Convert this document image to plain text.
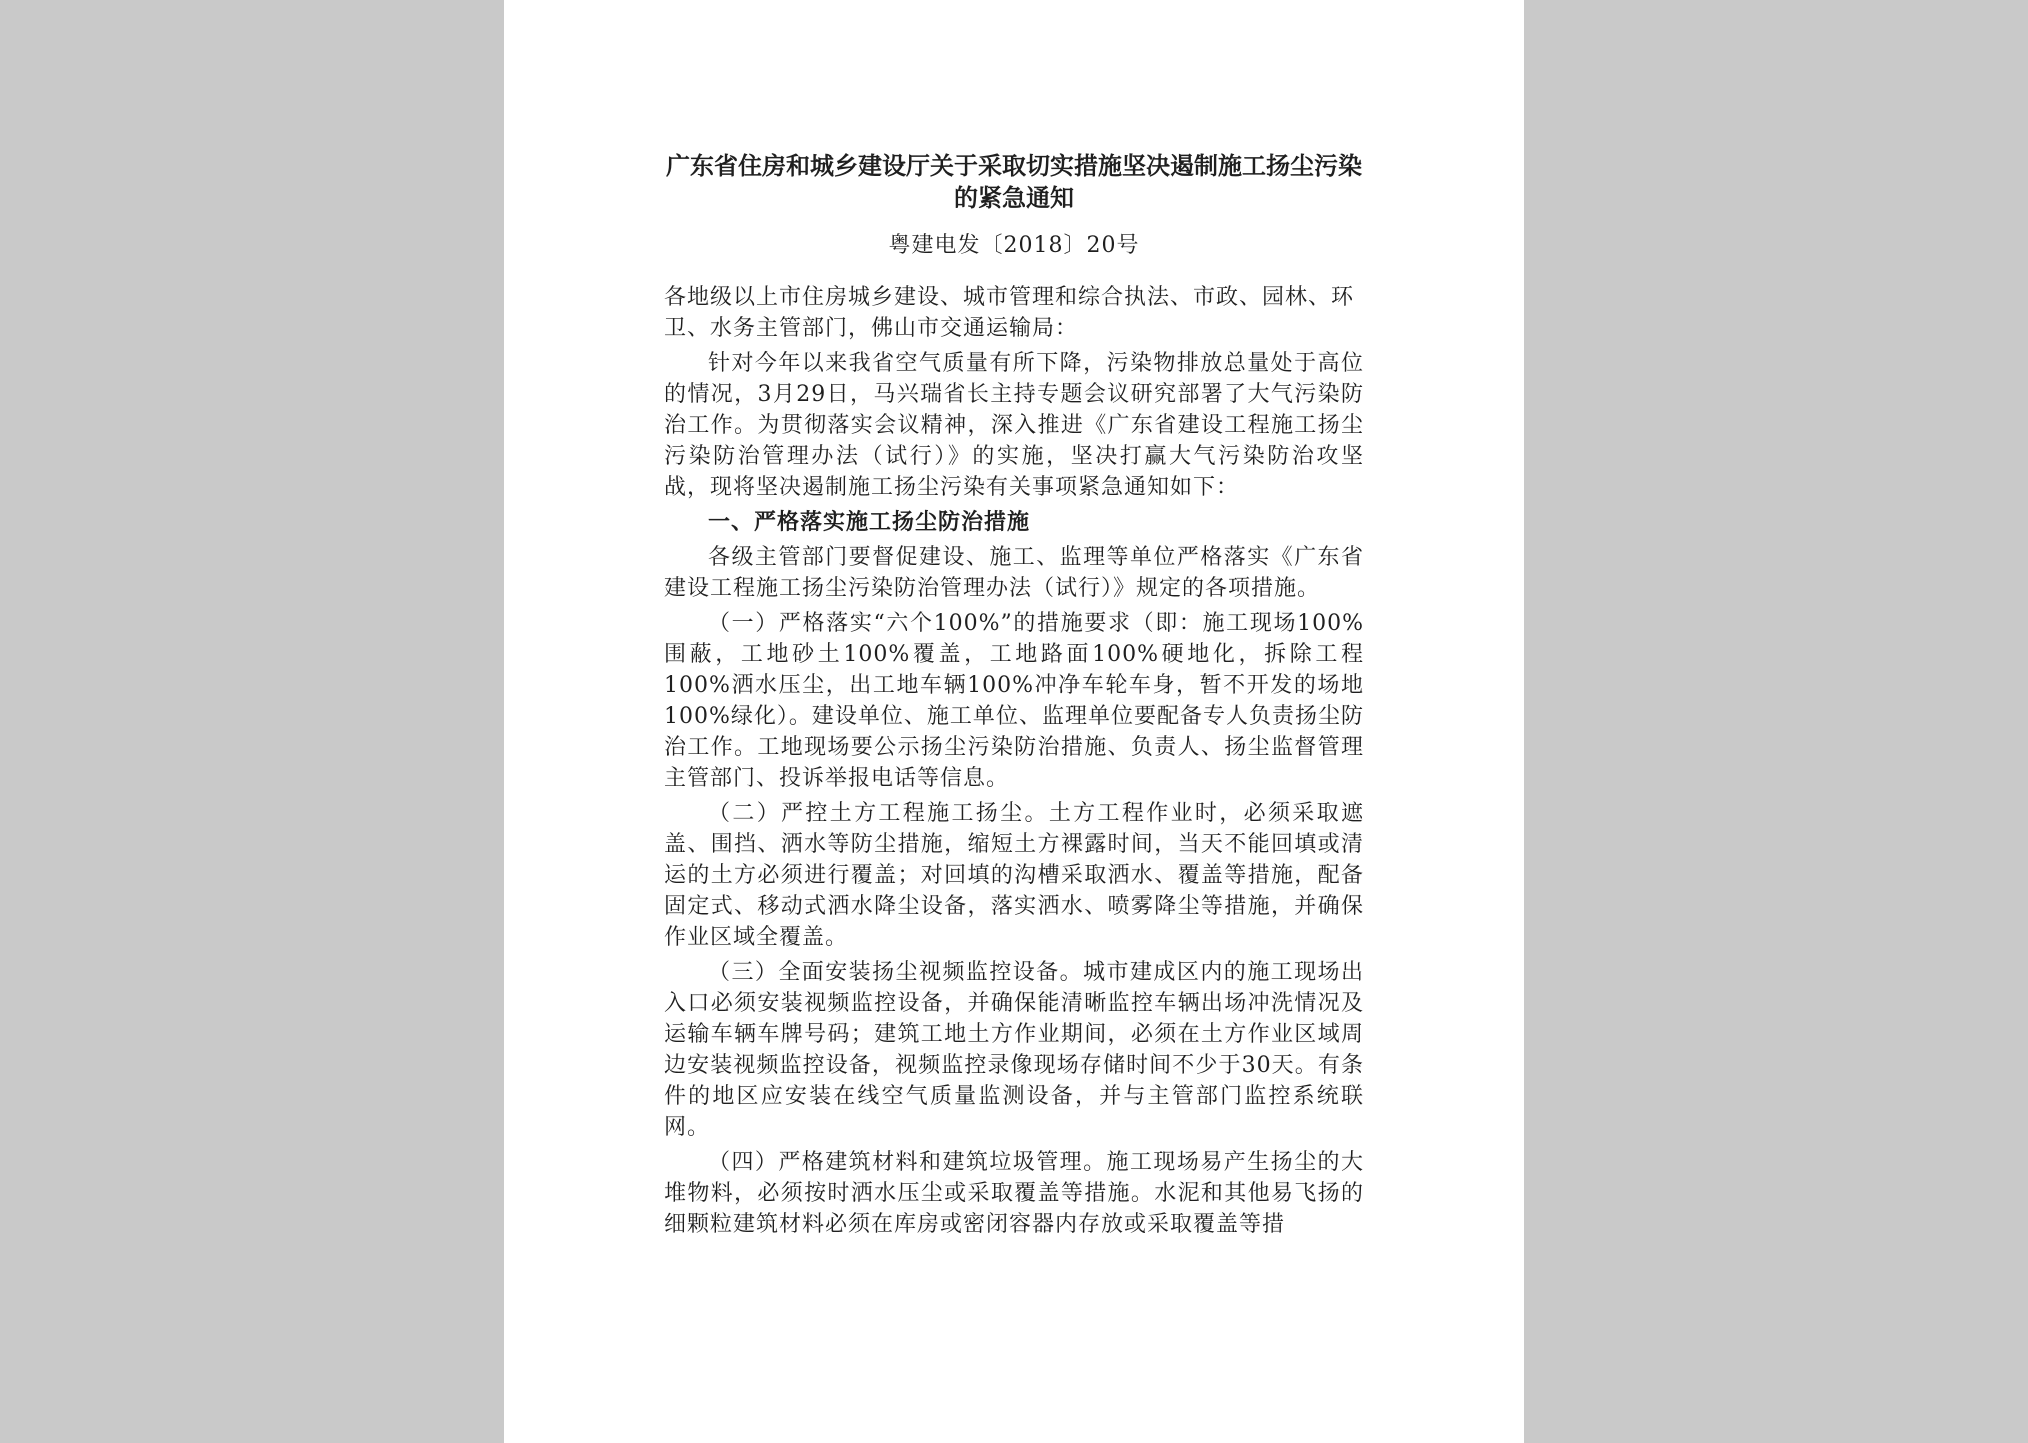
广东省住房和城乡建设厅关于采取切实措施坚决遏制施工扬尘污染

的紧急通知

粤建电发〔2018〕20号

各地级以上市住房城乡建设、城市管理和综合执法、市政、园林、环卫、水务主管部门，佛山市交通运输局：

针对今年以来我省空气质量有所下降，污染物排放总量处于高位的情况，3月29日，马兴瑞省长主持专题会议研究部署了大气污染防治工作。为贯彻落实会议精神，深入推进《广东省建设工程施工扬尘污染防治管理办法（试行）》的实施，坚决打赢大气污染防治攻坚战，现将坚决遏制施工扬尘污染有关事项紧急通知如下：

一、严格落实施工扬尘防治措施

各级主管部门要督促建设、施工、监理等单位严格落实《广东省建设工程施工扬尘污染防治管理办法（试行）》规定的各项措施。

（一）严格落实“六个100%”的措施要求（即：施工现场100%围蔽，工地砂土100%覆盖，工地路面100%硬地化，拆除工程100%洒水压尘，出工地车辆100%冲净车轮车身，暂不开发的场地100%绿化）。建设单位、施工单位、监理单位要配备专人负责扬尘防治工作。工地现场要公示扬尘污染防治措施、负责人、扬尘监督管理主管部门、投诉举报电话等信息。

（二）严控土方工程施工扬尘。土方工程作业时，必须采取遮盖、围挡、洒水等防尘措施，缩短土方裸露时间，当天不能回填或清运的土方必须进行覆盖；对回填的沟槽采取洒水、覆盖等措施，配备固定式、移动式洒水降尘设备，落实洒水、喷雾降尘等措施，并确保作业区域全覆盖。

（三）全面安装扬尘视频监控设备。城市建成区内的施工现场出入口必须安装视频监控设备，并确保能清晰监控车辆出场冲洗情况及运输车辆车牌号码；建筑工地土方作业期间，必须在土方作业区域周边安装视频监控设备，视频监控录像现场存储时间不少于30天。有条件的地区应安装在线空气质量监测设备，并与主管部门监控系统联网。

（四）严格建筑材料和建筑垃圾管理。施工现场易产生扬尘的大堆物料，必须按时洒水压尘或采取覆盖等措施。水泥和其他易飞扬的细颗粒建筑材料必须在库房或密闭容器内存放或采取覆盖等措
